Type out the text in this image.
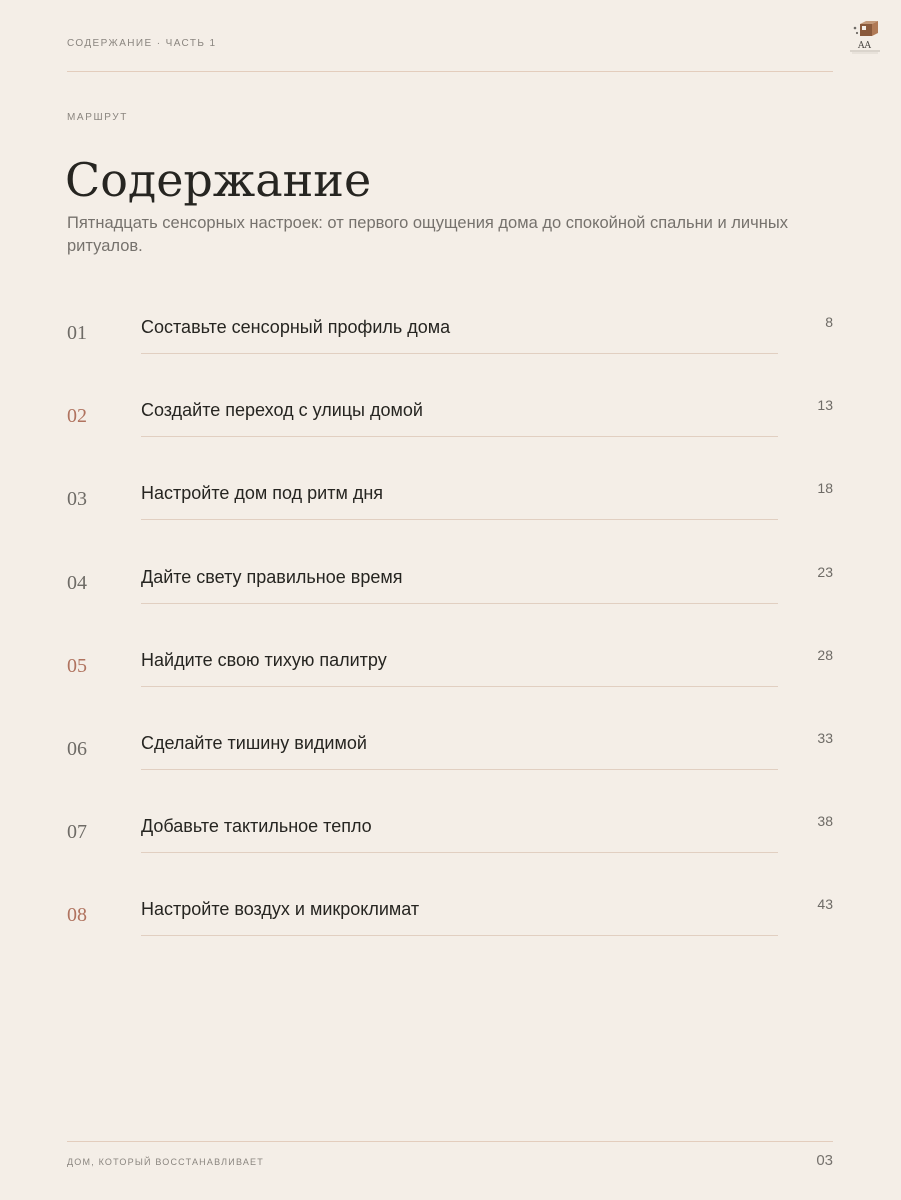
СОДЕРЖАНИЕ · ЧАСТЬ 1	AA
МАРШРУТ
Содержание

Пятнадцать сенсорных настроек: от первого ощущения дома до спокойной спальни и личных ритуалов.

01	Составьте сенсорный профиль дома	8
02	Создайте переход с улицы домой	13
03	Настройте дом под ритм дня	18
04	Дайте свету правильное время	23
05	Найдите свою тихую палитру	28
06	Сделайте тишину видимой	33
07	Добавьте тактильное тепло	38
08	Настройте воздух и микроклимат	43
ДОМ, КОТОРЫЙ ВОССТАНАВЛИВАЕТ	03
